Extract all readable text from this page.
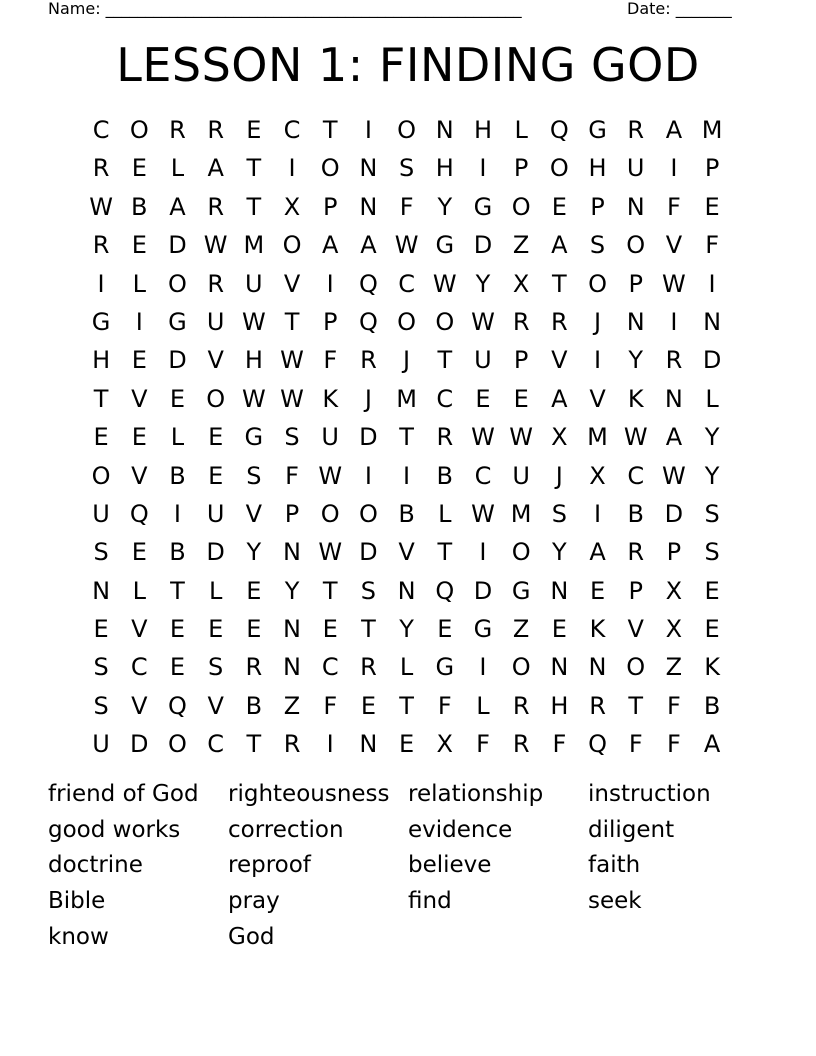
Name: ____________________________________________________	Date: _______
LESSON 1: FINDING GOD
C O R R E C T	I	O N H L Q G R A M
R E L A T	I	O N S H	I	P O H U	I	P
W B A R T X P N F Y G O E P N F E
R E D W M O A A W G D Z A S O V F
I	L O R U V	I	Q C W Y X T O P W I
G	I	G U W T P Q O O W R R	J	N	I	N
H E D V H W F R	J	T U P V	I	Y R D
T V E O W W K	J	M C E E A V K N L
E E L E G S U D T R W W X M W A Y
O V B E S F W I	I	B C U	J	X C W Y
U Q	I	U V P O O B L W M S	I	B D S
S E B D Y N W D V T	I	O Y A R P S
N L	T	L E Y T S N Q D G N E P X E
E V E E E N E T Y E G Z E K V X E
S C E S R N C R L G	I	O N N O Z K
S V Q V B Z F E T F	L R H R T F B
U D O C T R	I	N E X F R F Q F	F A
friend of God	righteousness relationship	instruction
good works	correction	evidence	diligent
doctrine	reproof	believe	faith
Bible	pray	find	seek
know	God
